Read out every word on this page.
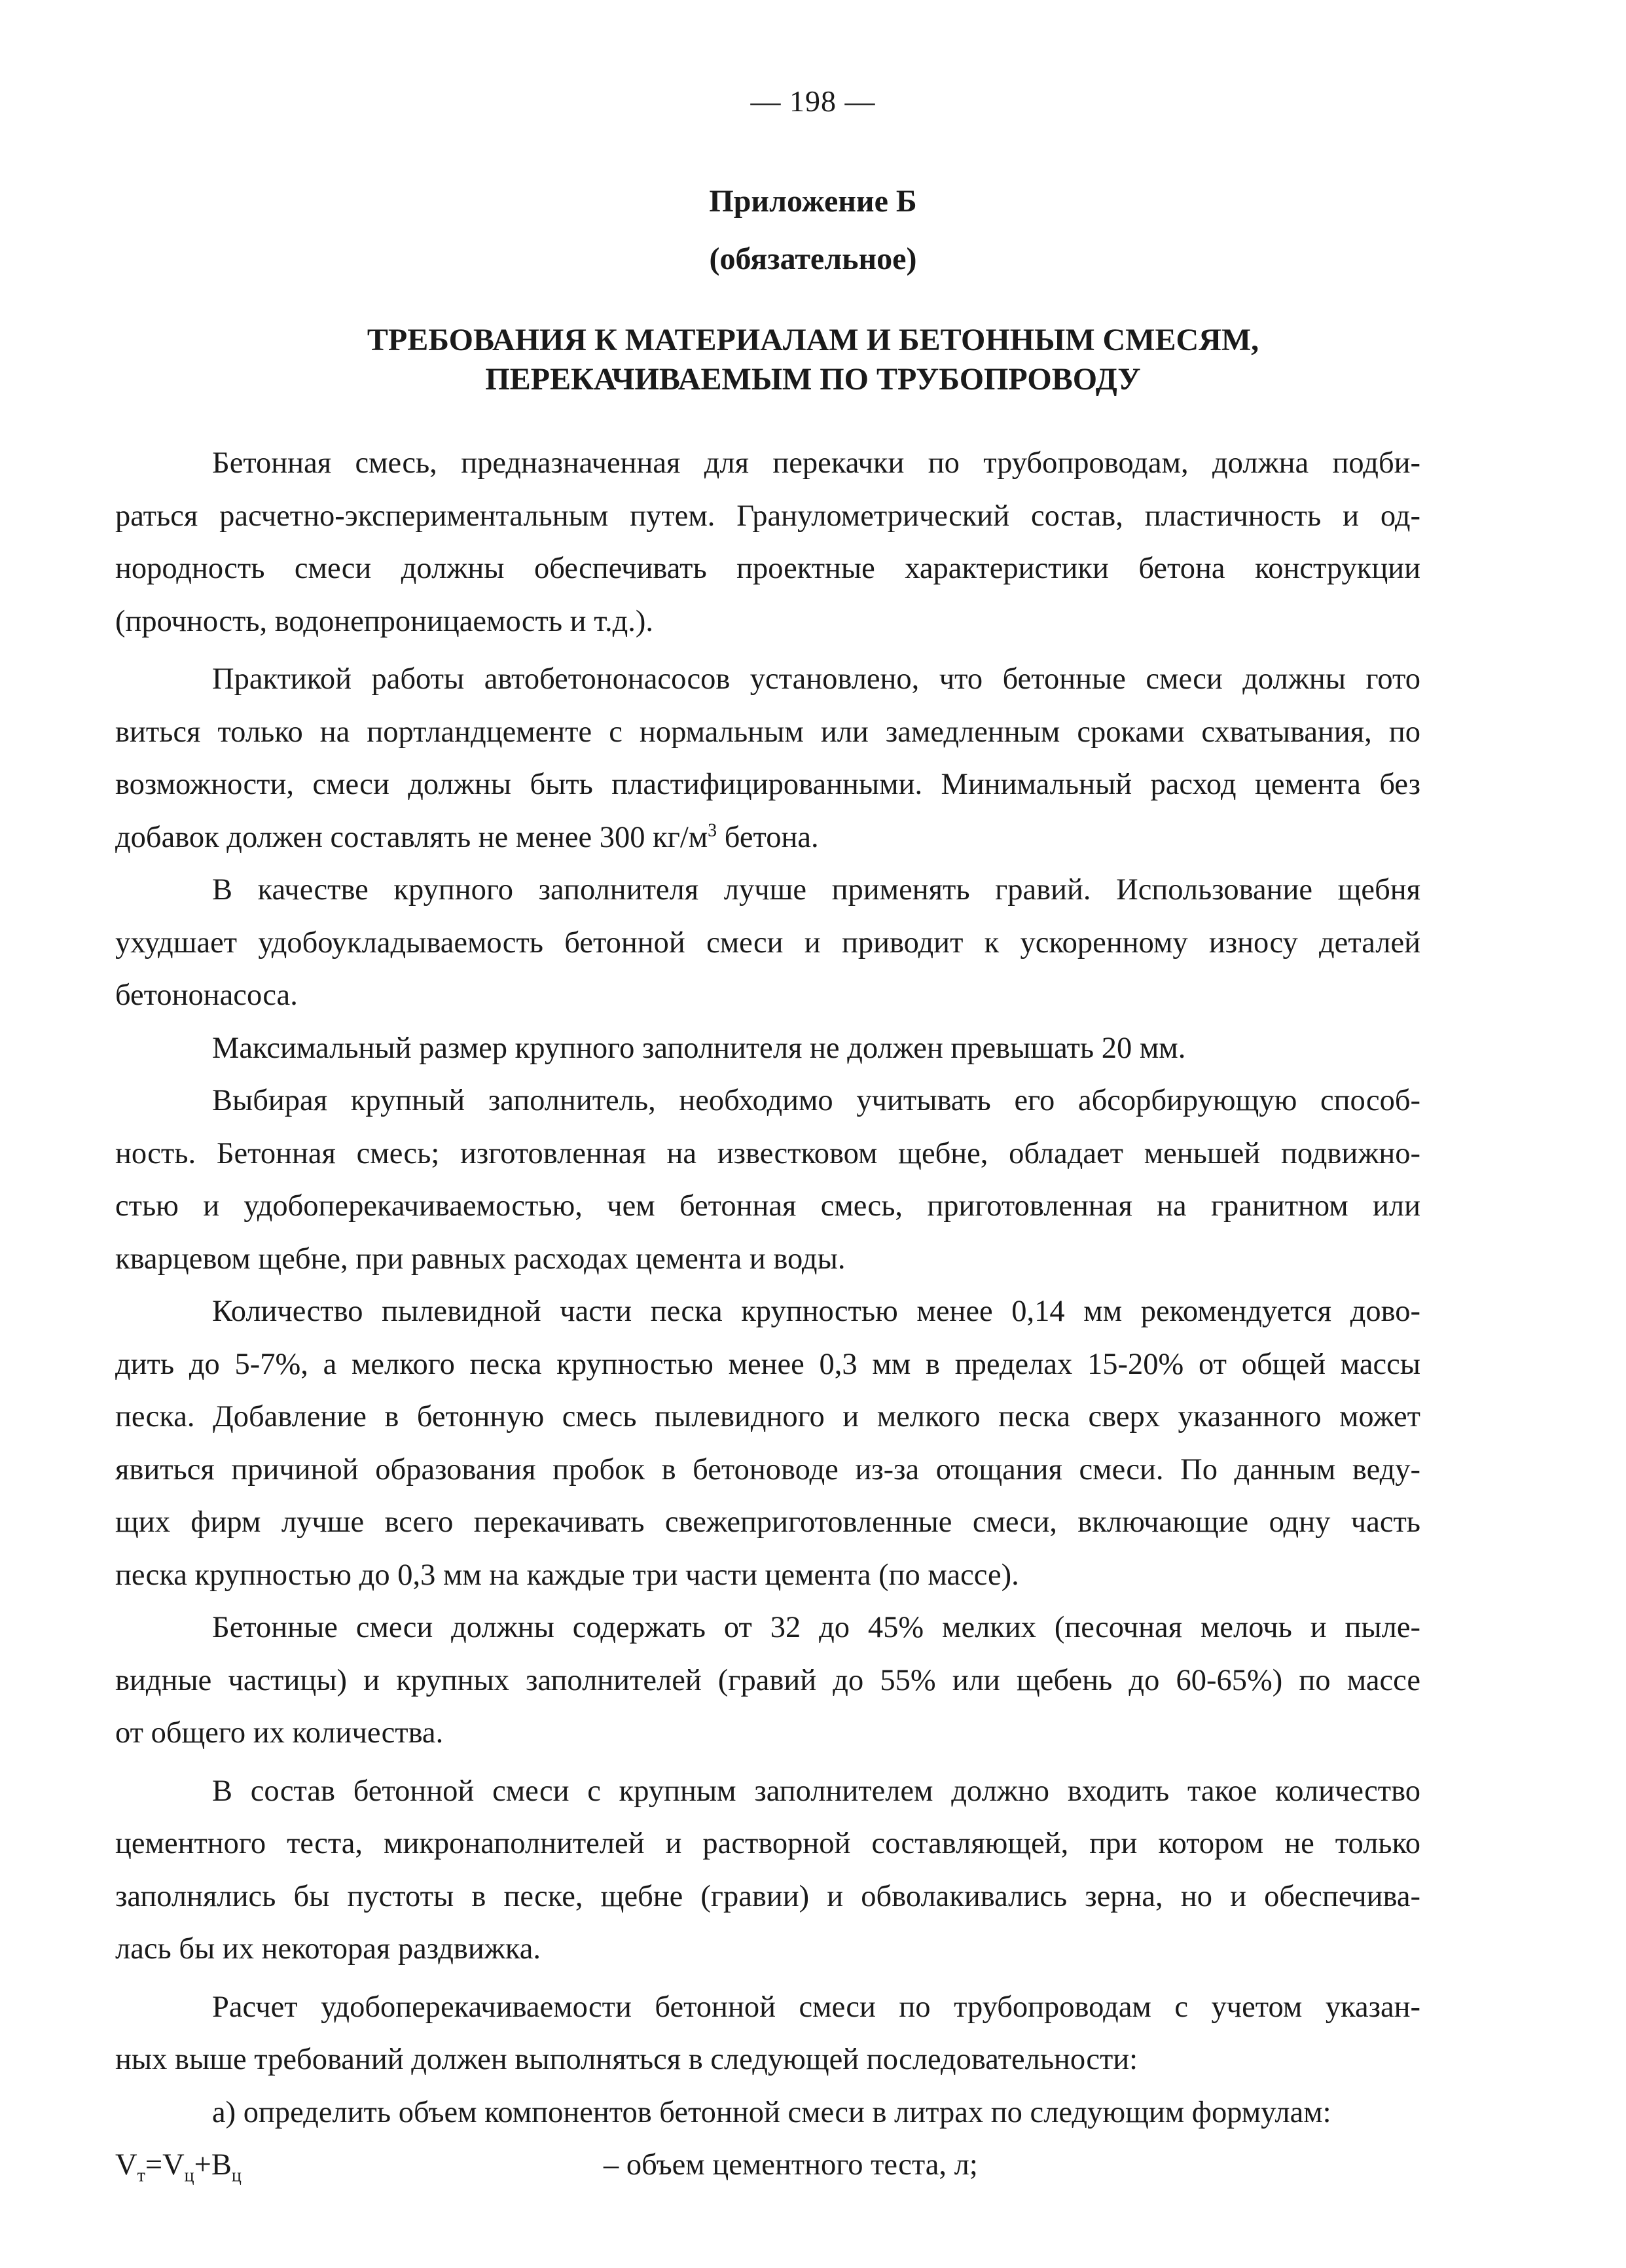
— 198 —
Приложение Б
(обязательное)
ТРЕБОВАНИЯ К МАТЕРИАЛАМ И БЕТОННЫМ СМЕСЯМ,
ПЕРЕКАЧИВАЕМЫМ ПО ТРУБОПРОВОДУ
Бетонная смесь, предназначенная для перекачки по трубопроводам, должна подби-
раться расчетно-экспериментальным путем. Гранулометрический состав, пластичность и од-
нородность смеси должны обеспечивать проектные характеристики бетона конструкции
(прочность, водонепроницаемость и т.д.).
Практикой работы автобетононасосов установлено, что бетонные смеси должны гото
виться только на портландцементе с нормальным или замедленным сроками схватывания, по
возможности, смеси должны быть пластифицированными. Минимальный расход цемента без
добавок должен составлять не менее 300 $кг/м^3$ бетона.
В качестве крупного заполнителя лучше применять гравий. Использование щебня
ухудшает удобоукладываемость бетонной смеси и приводит к ускоренному износу деталей
бетононасоса.
Максимальный размер крупного заполнителя не должен превышать 20 мм.
Выбирая крупный заполнитель, необходимо учитывать его абсорбирующую способ-
ность. Бетонная смесь; изготовленная на известковом щебне, обладает меньшей подвижно-
стью и удобоперекачиваемостью, чем бетонная смесь, приготовленная на гранитном или
кварцевом щебне, при равных расходах цемента и воды.
Количество пылевидной части песка крупностью менее 0,14 мм рекомендуется дово-
дить до 5-7%, а мелкого песка крупностью менее 0,3 мм в пределах 15-20% от общей массы
песка. Добавление в бетонную смесь пылевидного и мелкого песка сверх указанного может
явиться причиной образования пробок в бетоноводе из-за отощания смеси. По данным веду-
щих фирм лучше всего перекачивать свежеприготовленные смеси, включающие одну часть
песка крупностью до 0,3 мм на каждые три части цемента (по массе).
Бетонные смеси должны содержать от 32 до 45% мелких (песочная мелочь и пыле-
видные частицы) и крупных заполнителей (гравий до 55% или щебень до 60-65%) по массе
от общего их количества.
В состав бетонной смеси с крупным заполнителем должно входить такое количество
цементного теста, микронаполнителей и растворной составляющей, при котором не только
заполнялись бы пустоты в песке, щебне (гравии) и обволакивались зерна, но и обеспечива-
лась бы их некоторая раздвижка.
Расчет удобоперекачиваемости бетонной смеси по трубопроводам с учетом указан-
ных выше требований должен выполняться в следующей последовательности:
а) определить объем компонентов бетонной смеси в литрах по следующим формулам:
$V_т=V_ц+B_ц$	– объем цементного теста, л;
